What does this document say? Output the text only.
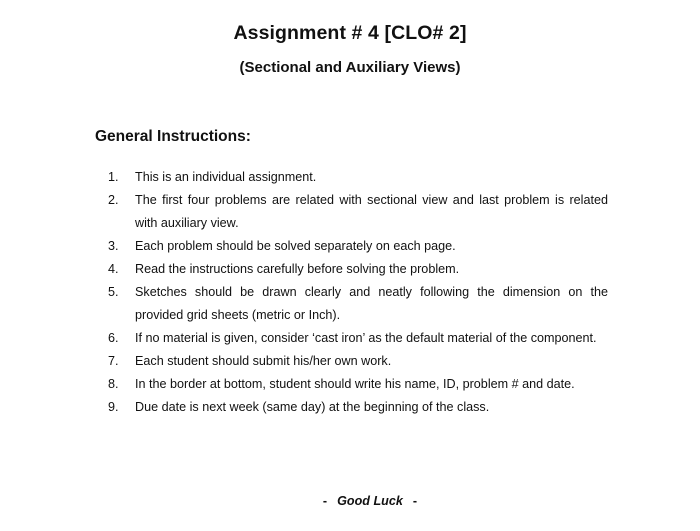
Assignment # 4 [CLO# 2]
(Sectional and Auxiliary Views)
General Instructions:
1. This is an individual assignment.
2. The first four problems are related with sectional view and last problem is related with auxiliary view.
3. Each problem should be solved separately on each page.
4. Read the instructions carefully before solving the problem.
5. Sketches should be drawn clearly and neatly following the dimension on the provided grid sheets (metric or Inch).
6. If no material is given, consider ‘cast iron’ as the default material of the component.
7. Each student should submit his/her own work.
8. In the border at bottom, student should write his name, ID, problem # and date.
9. Due date is next week (same day) at the beginning of the class.
- Good Luck -
